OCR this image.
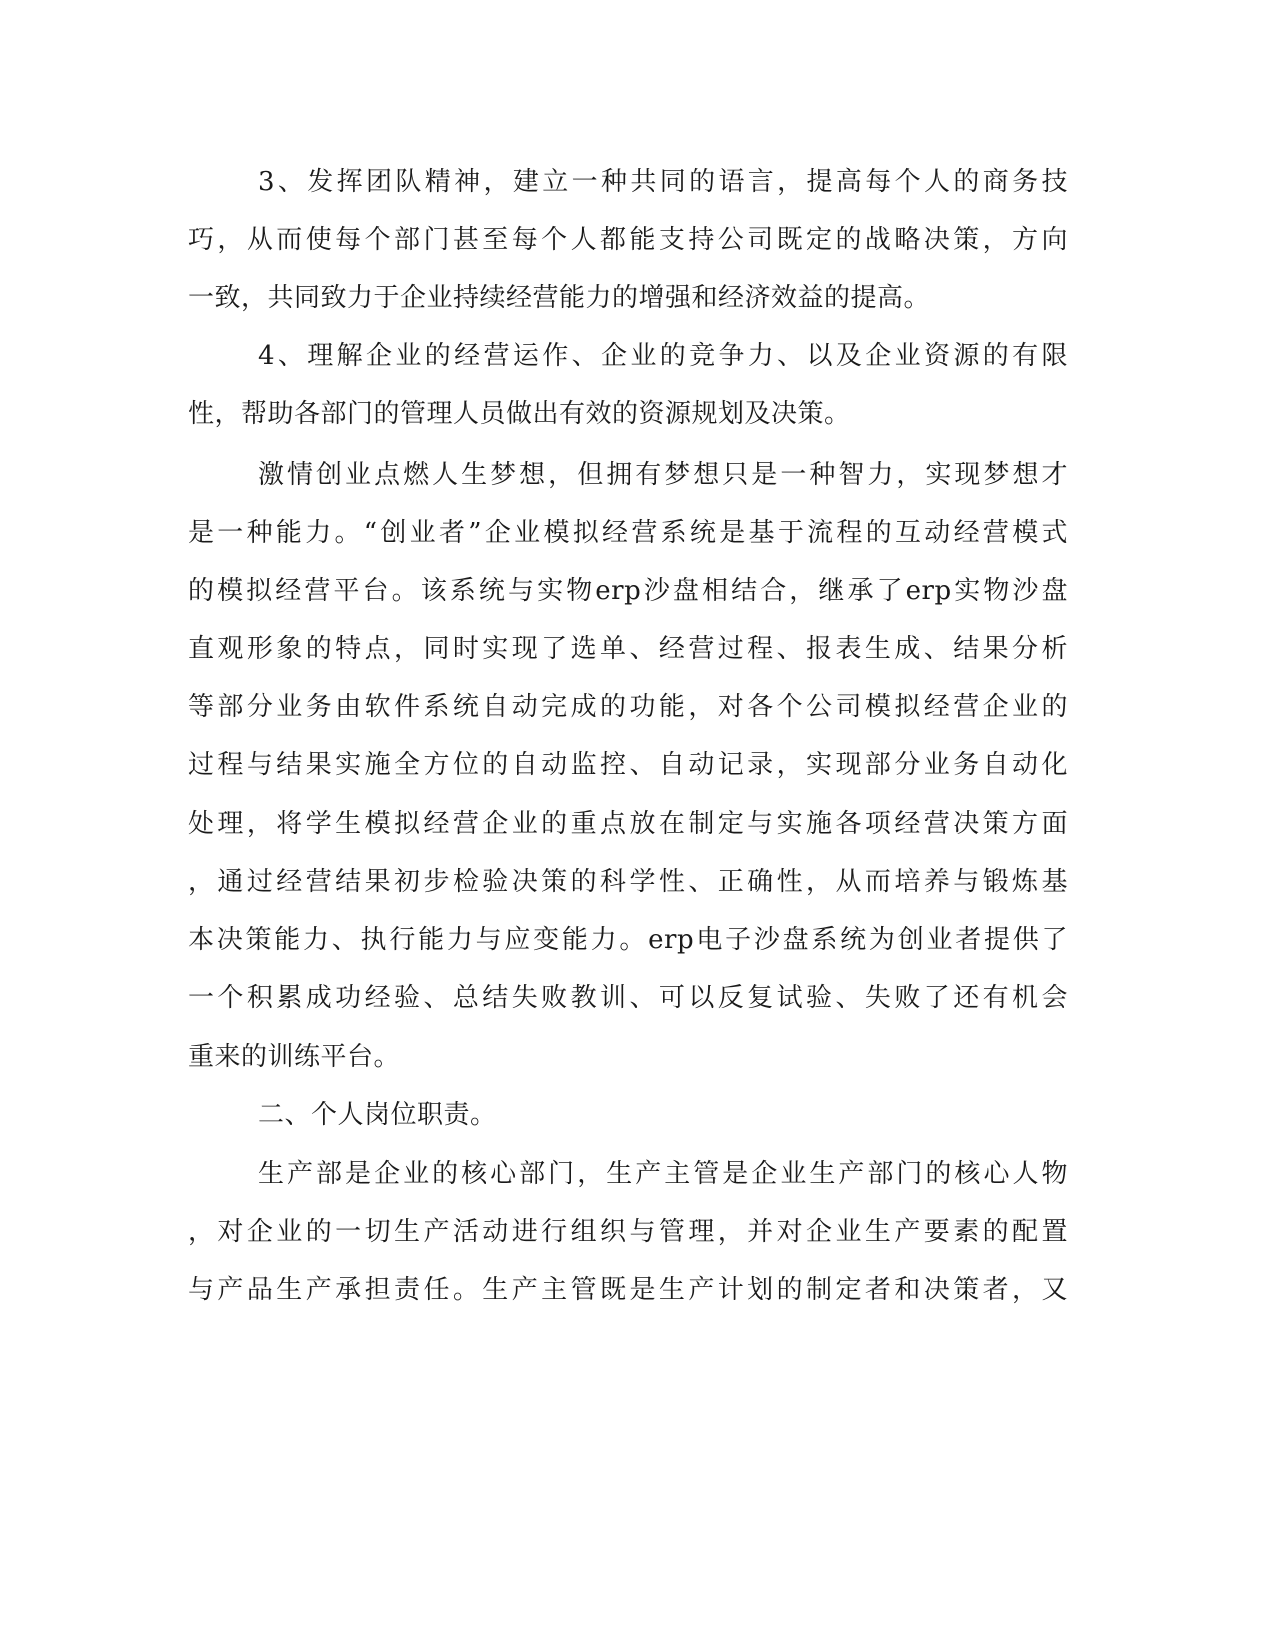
3、发挥团队精神，建立一种共同的语言，提高每个人的商务技
巧，从而使每个部门甚至每个人都能支持公司既定的战略决策，方向
一致，共同致力于企业持续经营能力的增强和经济效益的提高。
4、理解企业的经营运作、企业的竞争力、以及企业资源的有限
性，帮助各部门的管理人员做出有效的资源规划及决策。
激情创业点燃人生梦想，但拥有梦想只是一种智力，实现梦想才
是一种能力。“创业者”企业模拟经营系统是基于流程的互动经营模式
的模拟经营平台。该系统与实物erp沙盘相结合，继承了erp实物沙盘
直观形象的特点，同时实现了选单、经营过程、报表生成、结果分析
等部分业务由软件系统自动完成的功能，对各个公司模拟经营企业的
过程与结果实施全方位的自动监控、自动记录，实现部分业务自动化
处理，将学生模拟经营企业的重点放在制定与实施各项经营决策方面
，通过经营结果初步检验决策的科学性、正确性，从而培养与锻炼基
本决策能力、执行能力与应变能力。erp电子沙盘系统为创业者提供了
一个积累成功经验、总结失败教训、可以反复试验、失败了还有机会
重来的训练平台。
二、个人岗位职责。
生产部是企业的核心部门，生产主管是企业生产部门的核心人物
，对企业的一切生产活动进行组织与管理，并对企业生产要素的配置
与产品生产承担责任。生产主管既是生产计划的制定者和决策者，又
